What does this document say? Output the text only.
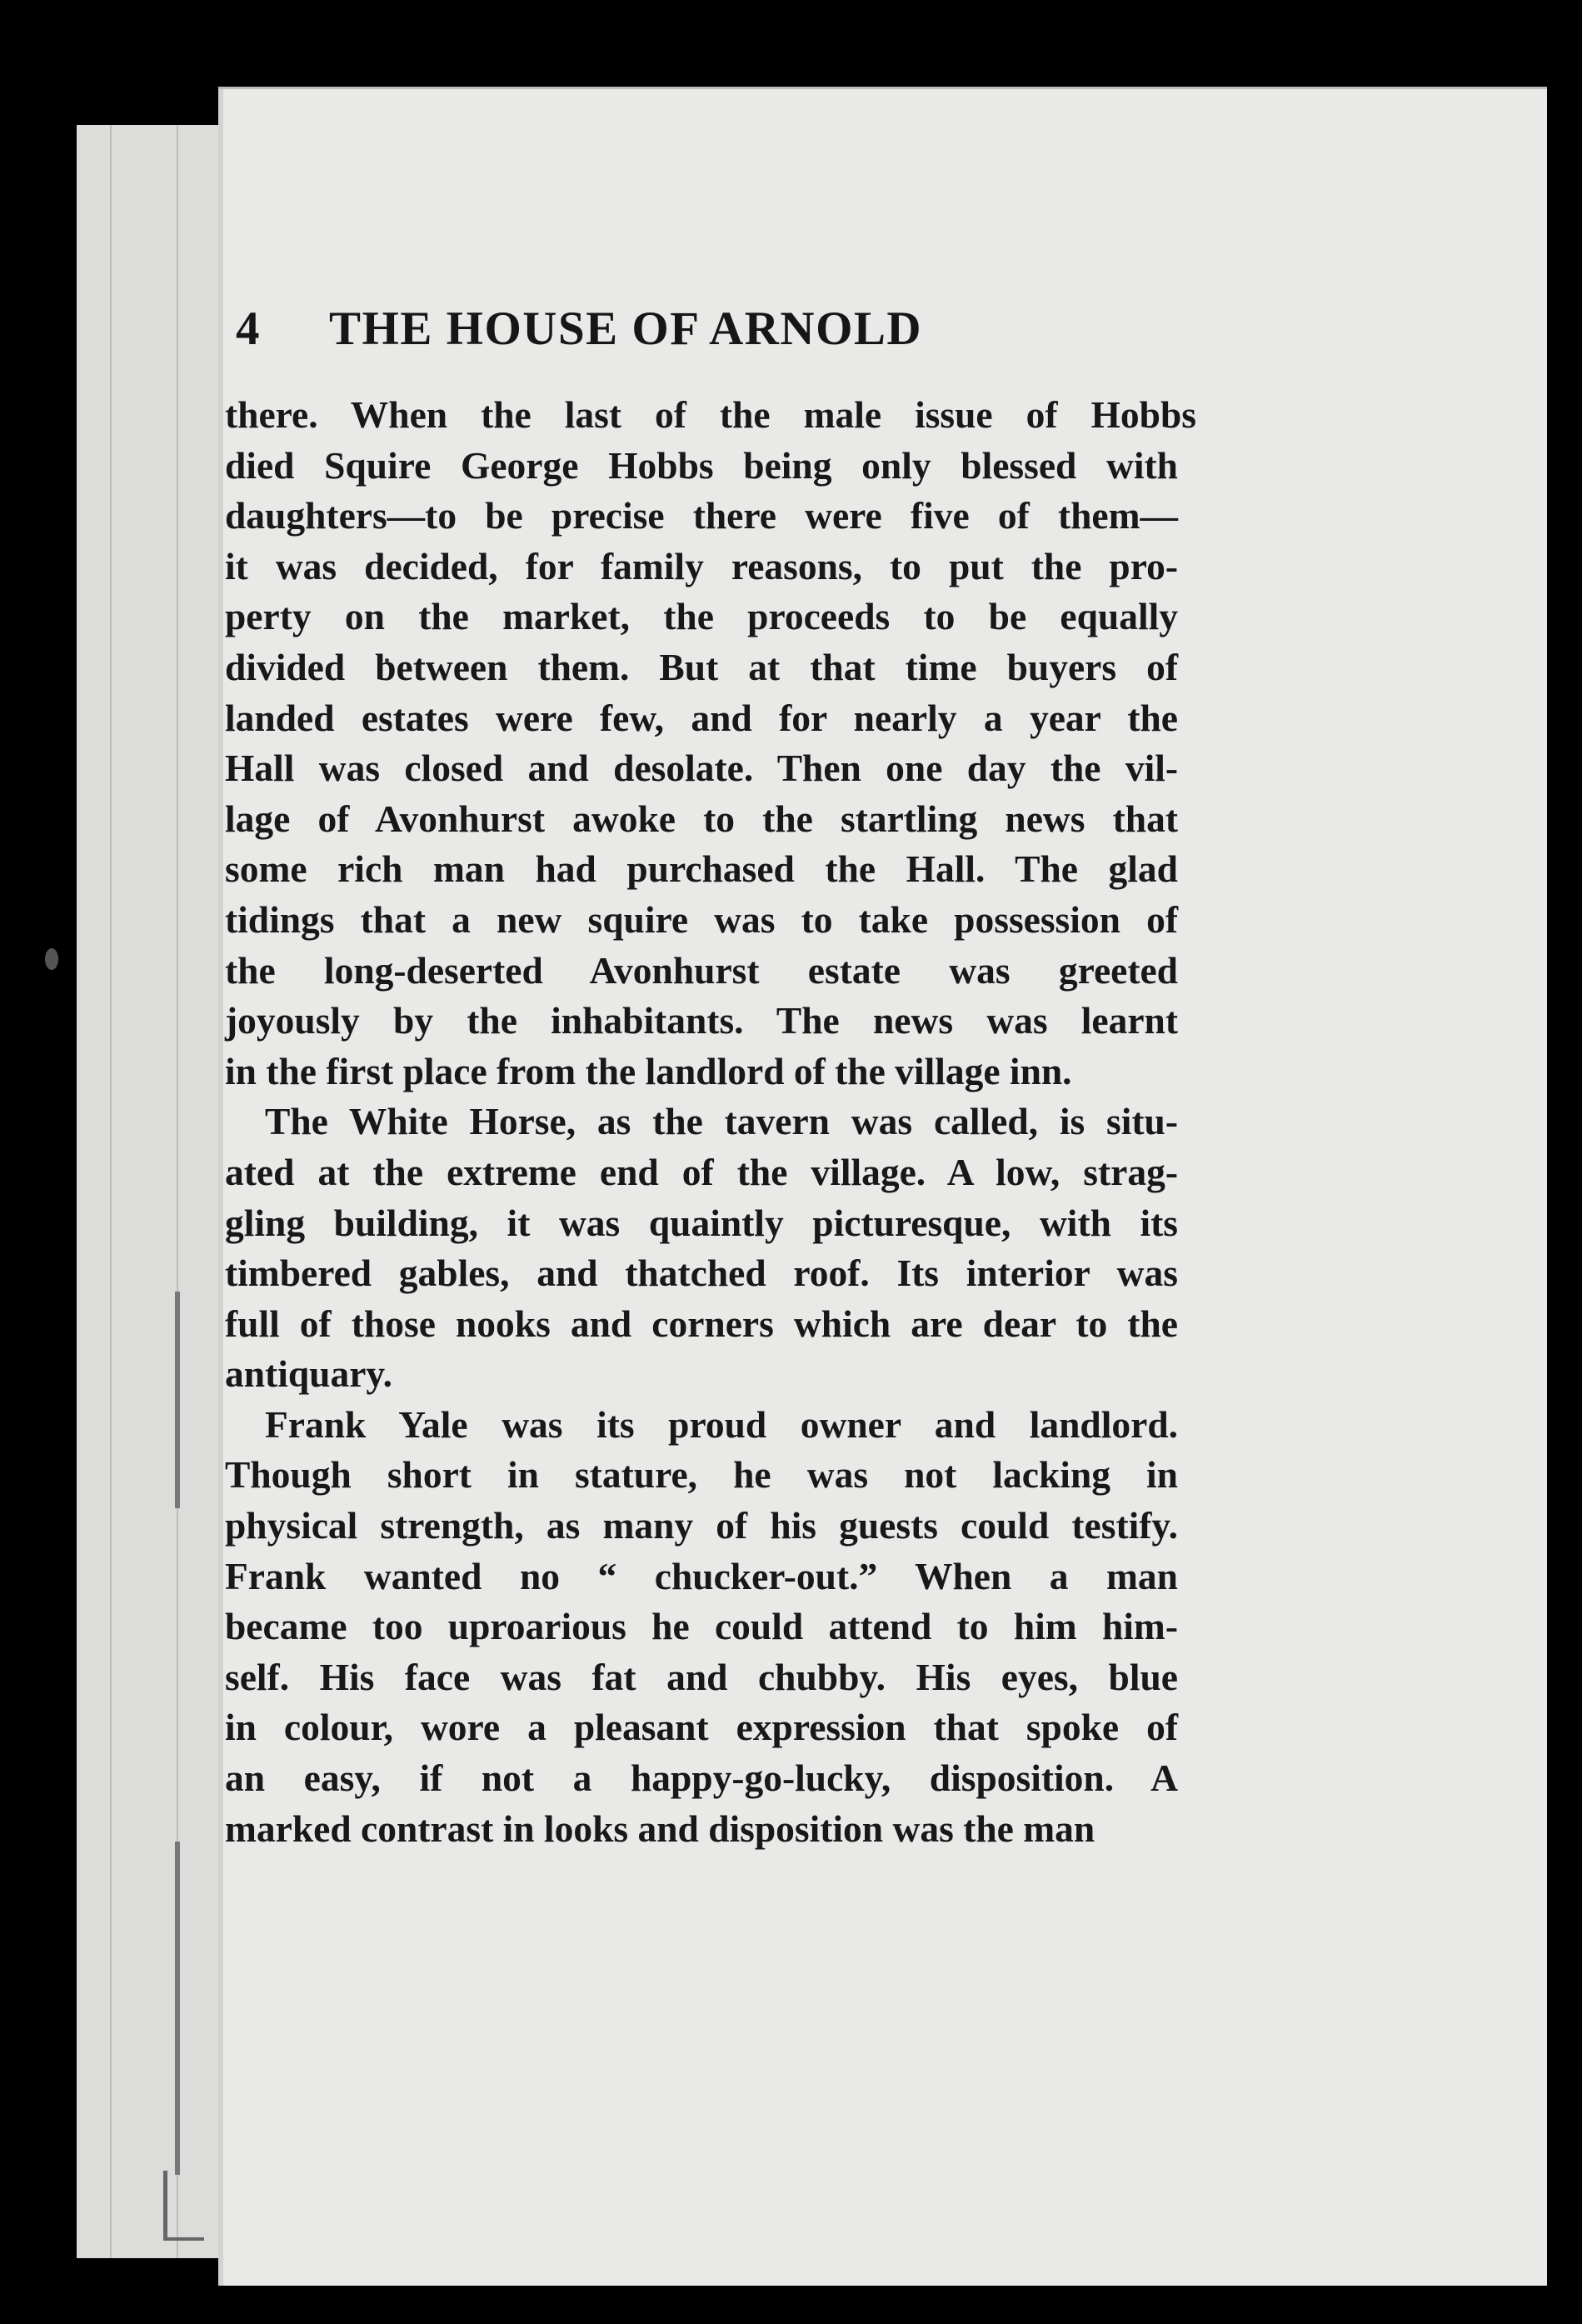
4	THE HOUSE OF ARNOLD
there. When the last of the male issue of Hobbs
died Squire George Hobbs being only blessed with
daughters—to be precise there were five of them—
it was decided, for family reasons, to put the pro-
perty on the market, the proceeds to be equally
divided between them. But at that time buyers of
landed estates were few, and for nearly a year the
Hall was closed and desolate. Then one day the vil-
lage of Avonhurst awoke to the startling news that
some rich man had purchased the Hall. The glad
tidings that a new squire was to take possession of
the long-deserted Avonhurst estate was greeted
joyously by the inhabitants. The news was learnt
in the first place from the landlord of the village inn.
The White Horse, as the tavern was called, is situ-
ated at the extreme end of the village. A low, strag-
gling building, it was quaintly picturesque, with its
timbered gables, and thatched roof. Its interior was
full of those nooks and corners which are dear to the
antiquary.
Frank Yale was its proud owner and landlord.
Though short in stature, he was not lacking in
physical strength, as many of his guests could testify.
Frank wanted no “ chucker-out.” When a man
became too uproarious he could attend to him him-
self. His face was fat and chubby. His eyes, blue
in colour, wore a pleasant expression that spoke of
an easy, if not a happy-go-lucky, disposition. A
marked contrast in looks and disposition was the man
